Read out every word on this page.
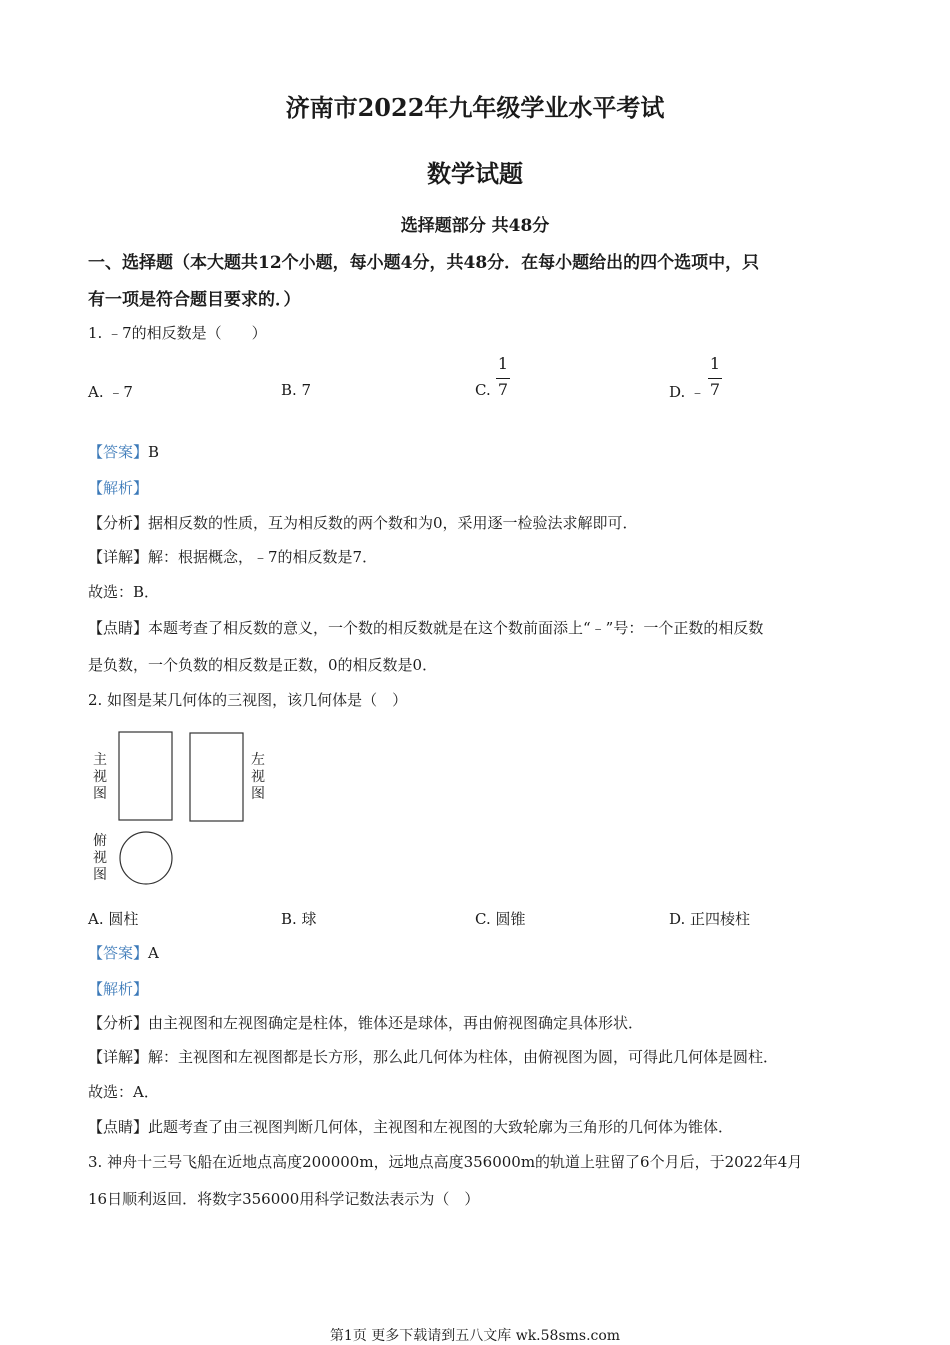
济南市2022年九年级学业水平考试
数学试题
选择题部分 共48分
一、选择题（本大题共12个小题，每小题4分，共48分．在每小题给出的四个选项中，只
有一项是符合题目要求的．）
1. ﹣7的相反数是（　　）
A. ﹣7	B. 7	C.
1
7	D. ﹣
1
7
【答案】B
【解析】
【分析】据相反数的性质，互为相反数的两个数和为0，采用逐一检验法求解即可．
【详解】解：根据概念，﹣7的相反数是7．
故选：B．
【点睛】本题考查了相反数的意义，一个数的相反数就是在这个数前面添上“﹣”号：一个正数的相反数
是负数，一个负数的相反数是正数，0的相反数是0．
2. 如图是某几何体的三视图，该几何体是（　）
主视图
左视图
俯视图
A. 圆柱	B. 球	C. 圆锥	D. 正四棱柱
【答案】A
【解析】
【分析】由主视图和左视图确定是柱体，锥体还是球体，再由俯视图确定具体形状．
【详解】解：主视图和左视图都是长方形，那么此几何体为柱体，由俯视图为圆，可得此几何体是圆柱．
故选：A．
【点睛】此题考查了由三视图判断几何体，主视图和左视图的大致轮廓为三角形的几何体为锥体．
3. 神舟十三号飞船在近地点高度200000m，远地点高度356000m的轨道上驻留了6个月后，于2022年4月
16日顺利返回．将数字356000用科学记数法表示为（　）
第1页 更多下载请到五八文库 wk.58sms.com
